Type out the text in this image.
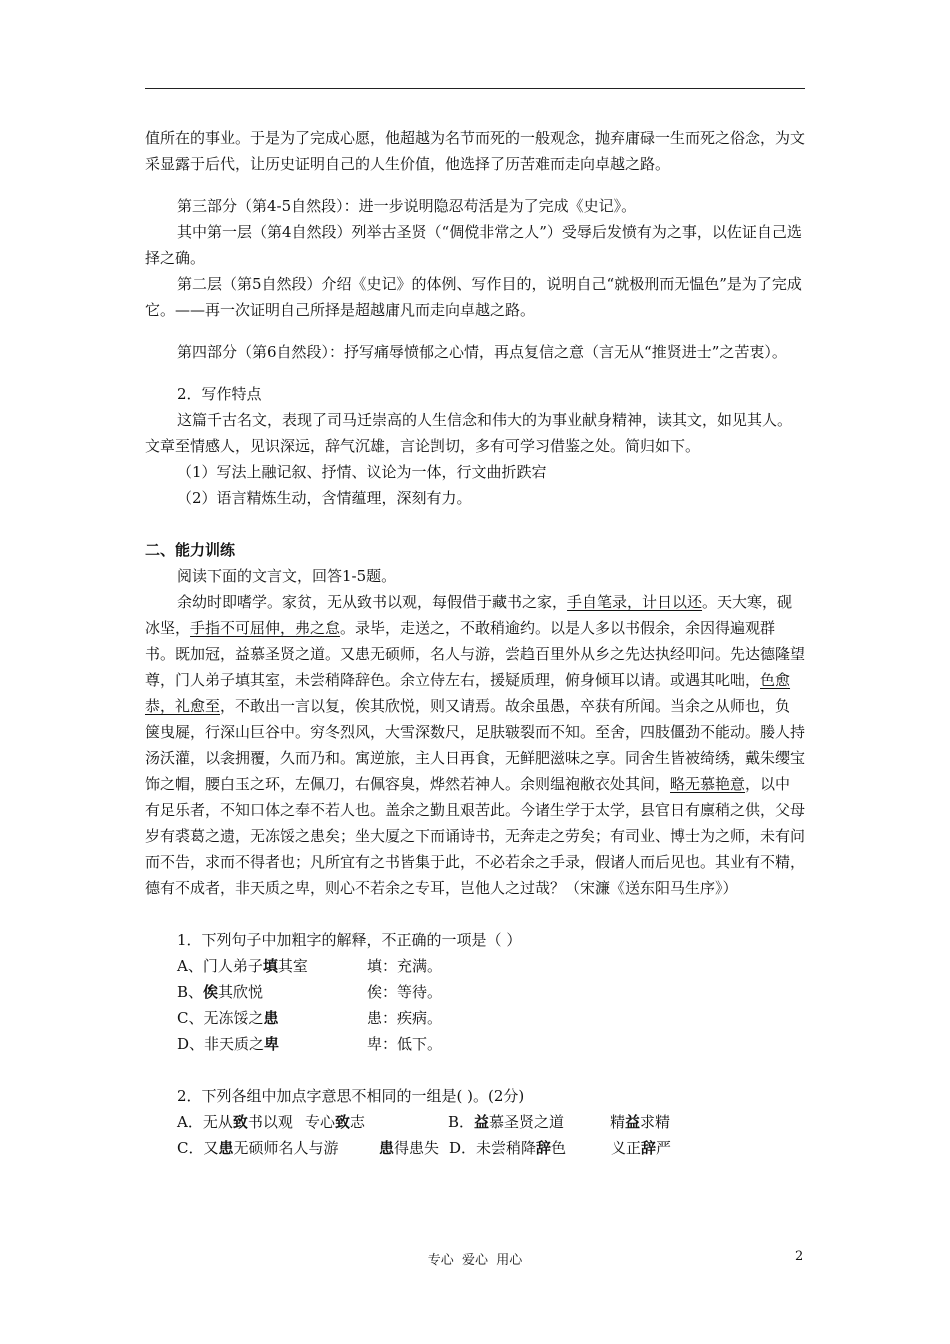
值所在的事业。于是为了完成心愿，他超越为名节而死的一般观念，抛弃庸碌一生而死之俗念，为文采显露于后代，让历史证明自己的人生价值，他选择了历苦难而走向卓越之路。

第三部分（第4-5自然段）：进一步说明隐忍苟活是为了完成《史记》。

其中第一层（第4自然段）列举古圣贤（“倜傥非常之人”）受辱后发愤有为之事，以佐证自己选择之确。

第二层（第5自然段）介绍《史记》的体例、写作目的，说明自己“就极刑而无愠色”是为了完成它。——再一次证明自己所择是超越庸凡而走向卓越之路。

第四部分（第6自然段）：抒写痛辱愤郁之心情，再点复信之意（言无从“推贤进士”之苦衷）。

2．写作特点

这篇千古名文，表现了司马迁崇高的人生信念和伟大的为事业献身精神，读其文，如见其人。文章至情感人，见识深远，辞气沉雄，言论剀切，多有可学习借鉴之处。简归如下。

（1）写法上融记叙、抒情、议论为一体，行文曲折跌宕

（2）语言精炼生动，含情蕴理，深刻有力。

二、能力训练

阅读下面的文言文，回答1-5题。

余幼时即嗜学。家贫，无从致书以观，每假借于藏书之家，手自笔录，计日以还。天大寒，砚冰坚，手指不可屈伸，弗之怠。录毕，走送之，不敢稍逾约。以是人多以书假余，余因得遍观群书。既加冠，益慕圣贤之道。又患无硕师，名人与游，尝趋百里外从乡之先达执经叩问。先达德隆望尊，门人弟子填其室，未尝稍降辞色。余立侍左右，援疑质理，俯身倾耳以请。或遇其叱咄，色愈恭，礼愈至，不敢出一言以复，俟其欣悦，则又请焉。故余虽愚，卒获有所闻。当余之从师也，负箧曳屣，行深山巨谷中。穷冬烈风，大雪深数尺，足肤皲裂而不知。至舍，四肢僵劲不能动。媵人持汤沃灌，以衾拥覆，久而乃和。寓逆旅，主人日再食，无鲜肥滋味之享。同舍生皆被绮绣，戴朱缨宝饰之帽，腰白玉之环，左佩刀，右佩容臭，烨然若神人。余则缊袍敝衣处其间，略无慕艳意，以中有足乐者，不知口体之奉不若人也。盖余之勤且艰苦此。今诸生学于太学，县官日有廪稍之供，父母岁有裘葛之遗，无冻馁之患矣；坐大厦之下而诵诗书，无奔走之劳矣；有司业、博士为之师，未有问而不告，求而不得者也；凡所宜有之书皆集于此，不必若余之手录，假诸人而后见也。其业有不精，德有不成者，非天质之卑，则心不若余之专耳，岂他人之过哉？（宋濂《送东阳马生序》）

1．下列句子中加粗字的解释，不正确的一项是（ ）

A、门人弟子填其室	填：充满。
B、俟其欣悦	俟：等待。
C、无冻馁之患	患：疾病。
D、非天质之卑	卑：低下。

2．下列各组中加点字意思不相同的一组是( )。(2分)

A．无从致书以观 专心致志	B．益慕圣贤之道	精益求精
C．又患无硕师名人与游	患得患失 D．未尝稍降辞色	义正辞严
专心  爱心  用心	2
